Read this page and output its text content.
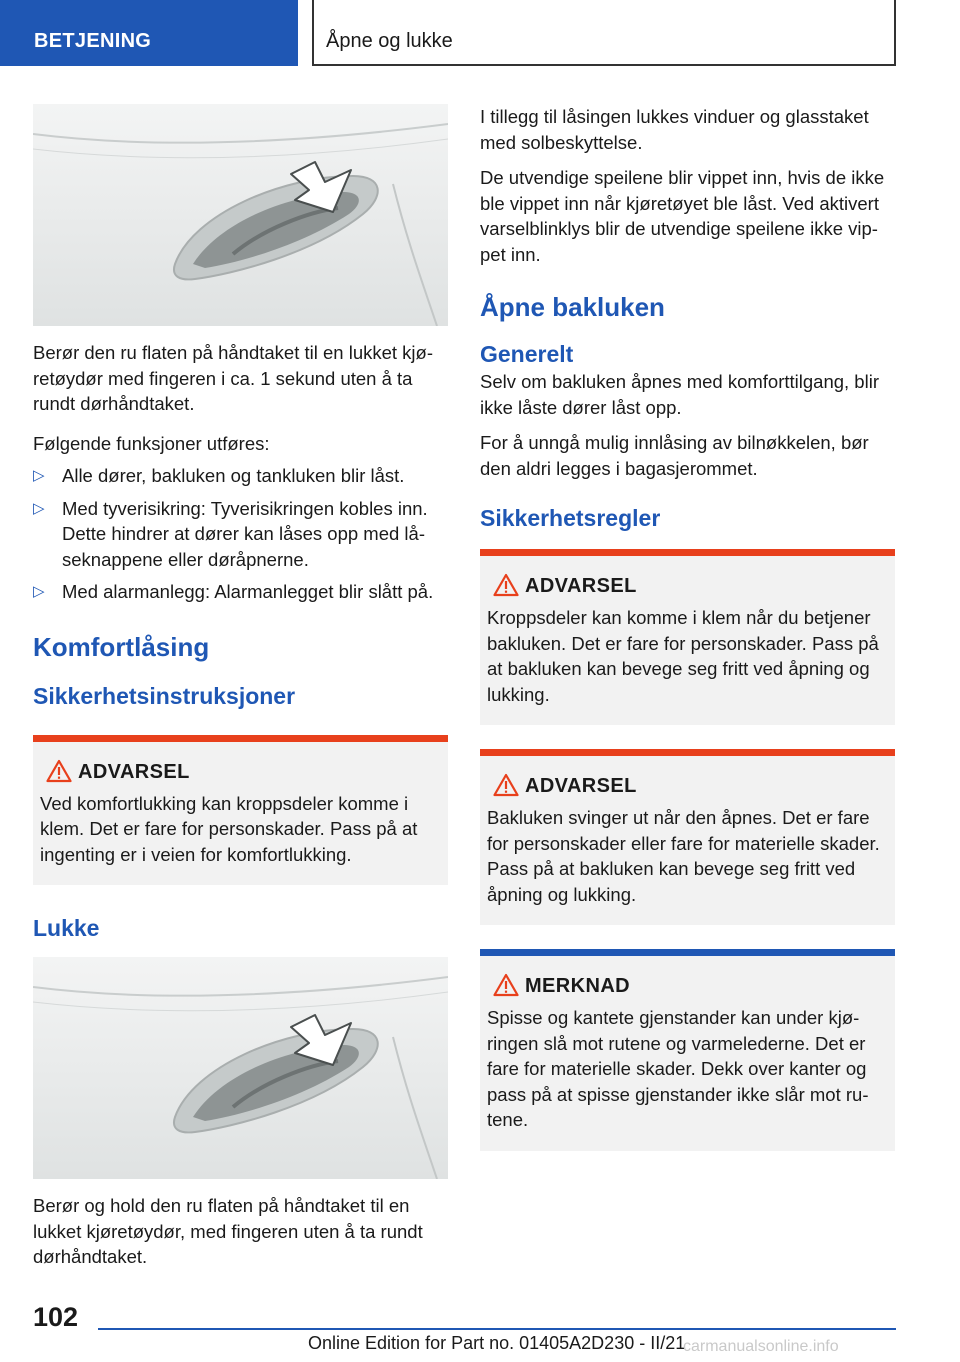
BETJENING	Åpne og lukke

Berør den ru flaten på håndtaket til en lukket kjøretøydør med fingeren i ca. 1 sekund uten å ta rundt dørhåndtaket.

Følgende funksjoner utføres:

▷ Alle dører, bakluken og tankluken blir låst.
▷ Med tyverisikring: Tyverisikringen kobles inn. Dette hindrer at dører kan låses opp med låseknappene eller døråpnerne.
▷ Med alarmanlegg: Alarmanlegget blir slått på.
Komfortlåsing
Sikkerhetsinstruksjoner
ADVARSEL

Ved komfortlukking kan kroppsdeler komme i klem. Det er fare for personskader. Pass på at ingenting er i veien for komfortlukking.

Lukke

Berør og hold den ru flaten på håndtaket til en lukket kjøretøydør, med fingeren uten å ta rundt dørhåndtaket.

I tillegg til låsingen lukkes vinduer og glasstaket med solbeskyttelse.

De utvendige speilene blir vippet inn, hvis de ikke ble vippet inn når kjøretøyet ble låst. Ved aktivert varselblinklys blir de utvendige speilene ikke vippet inn.

Åpne bakluken
Generelt

Selv om bakluken åpnes med komforttilgang, blir ikke låste dører låst opp.

For å unngå mulig innlåsing av bilnøkkelen, bør den aldri legges i bagasjerommet.

Sikkerhetsregler
ADVARSEL

Kroppsdeler kan komme i klem når du betjener bakluken. Det er fare for personskader. Pass på at bakluken kan bevege seg fritt ved åpning og lukking.

ADVARSEL

Bakluken svinger ut når den åpnes. Det er fare for personskader eller fare for materielle skader. Pass på at bakluken kan bevege seg fritt ved åpning og lukking.

MERKNAD

Spisse og kantete gjenstander kan under kjøringen slå mot rutene og varmelederne. Det er fare for materielle skader. Dekk over kanter og pass på at spisse gjenstander ikke slår mot rutene.

102
Online Edition for Part no. 01405A2D230 - II/21
carmanualsonline.info
